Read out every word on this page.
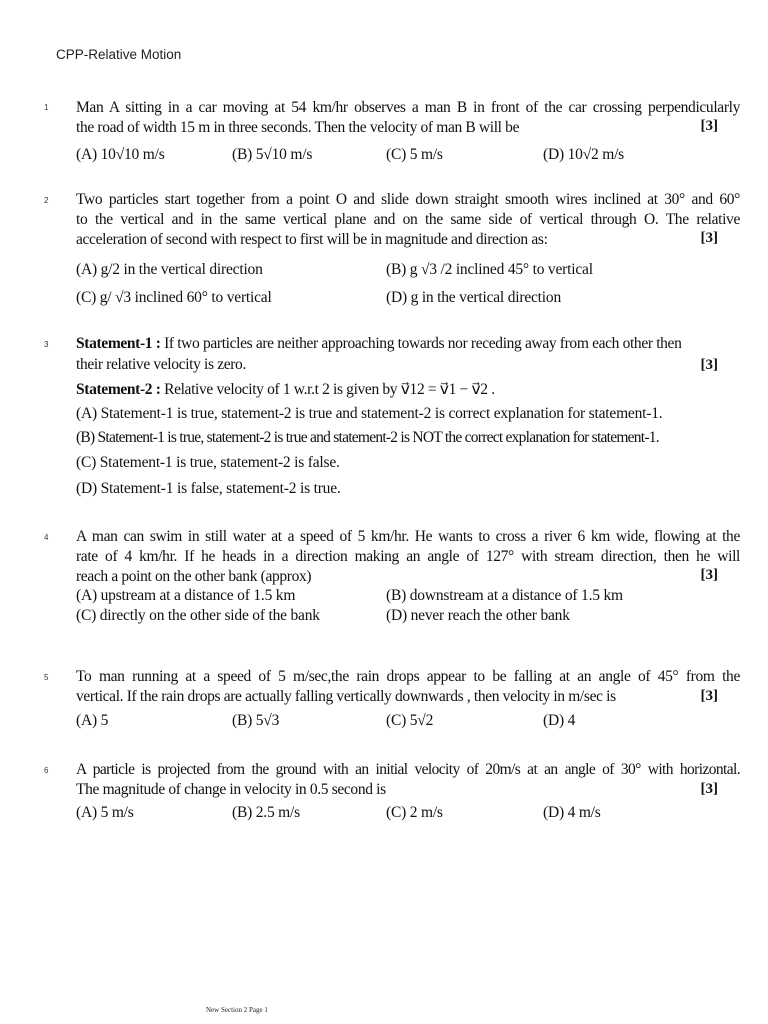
CPP-Relative Motion
1 Man A sitting in a car moving at 54 km/hr observes a man B in front of the car crossing perpendicularly
the road of width 15 m in three seconds. Then the velocity of man B will be	[3]
(A) 10√10 m/s	(B) 5√10 m/s	(C) 5 m/s	(D) 10√2 m/s
2 Two particles start together from a point O and slide down straight smooth wires inclined at 30° and 60°
to the vertical and in the same vertical plane and on the same side of vertical through O. The relative
acceleration of second with respect to first will be in magnitude and direction as:	[3]
(A) g/2 in the vertical direction	(B) g √3 /2 inclined 45° to vertical
(C) g/ √3 inclined 60° to vertical	(D) g in the vertical direction
3 Statement-1 : If two particles are neither approaching towards nor receding away from each other then
their relative velocity is zero.	[3]
Statement-2 : Relative velocity of 1 w.r.t 2 is given by v⃗12 = v⃗1 − v⃗2 .
(A) Statement-1 is true, statement-2 is true and statement-2 is correct explanation for statement-1.
(B) Statement-1 is true, statement-2 is true and statement-2 is NOT the correct explanation for statement-1.
(C) Statement-1 is true, statement-2 is false.
(D) Statement-1 is false, statement-2 is true.
4 A man can swim in still water at a speed of 5 km/hr. He wants to cross a river 6 km wide, flowing at the
rate of 4 km/hr. If he heads in a direction making an angle of 127° with stream direction, then he will
reach a point on the other bank (approx)	[3]
(A) upstream at a distance of 1.5 km	(B) downstream at a distance of 1.5 km
(C) directly on the other side of the bank	(D) never reach the other bank
5 To man running at a speed of 5 m/sec,the rain drops appear to be falling at an angle of 45° from the
vertical. If the rain drops are actually falling vertically downwards , then velocity in m/sec is	[3]
(A) 5	(B) 5√3	(C) 5√2	(D) 4
6 A particle is projected from the ground with an initial velocity of 20m/s at an angle of 30° with horizontal.
The magnitude of change in velocity in 0.5 second is	[3]
(A) 5 m/s	(B) 2.5 m/s	(C) 2 m/s	(D) 4 m/s
New Section 2 Page 1
